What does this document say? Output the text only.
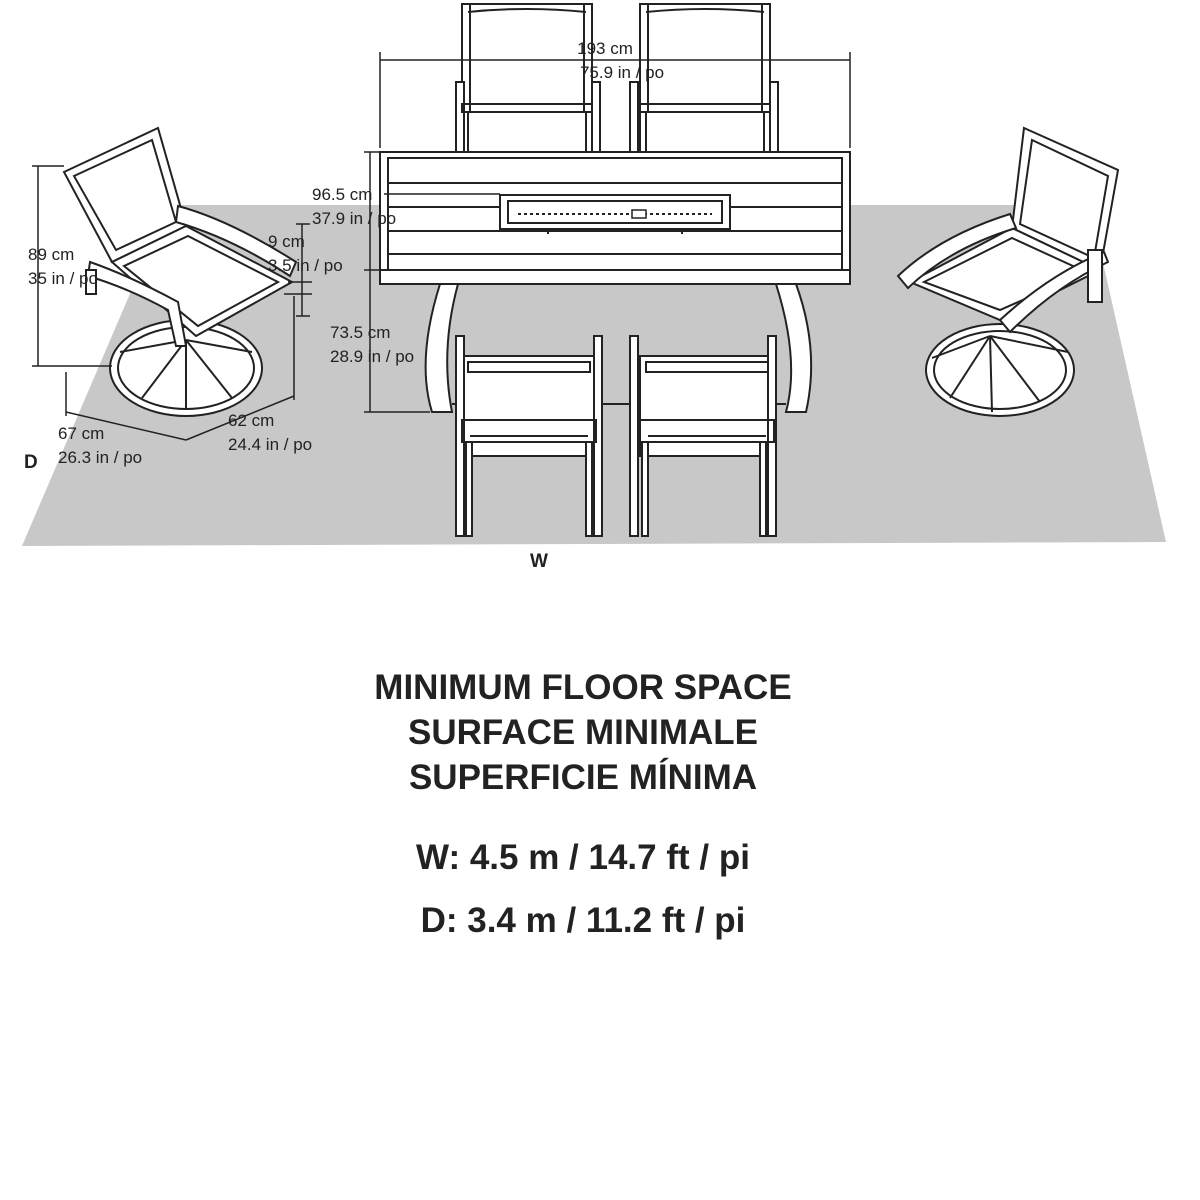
193 cm
75.9 in / po
96.5 cm
37.9 in / po
73.5 cm
28.9 in / po
89 cm
35 in / po
9 cm
3.5 in / po
67 cm
26.3 in / po
62 cm
24.4 in / po
D
W
MINIMUM FLOOR SPACE
SURFACE MINIMALE
SUPERFICIE MÍNIMA
W: 4.5 m / 14.7 ft / pi
D: 3.4 m / 11.2 ft / pi
